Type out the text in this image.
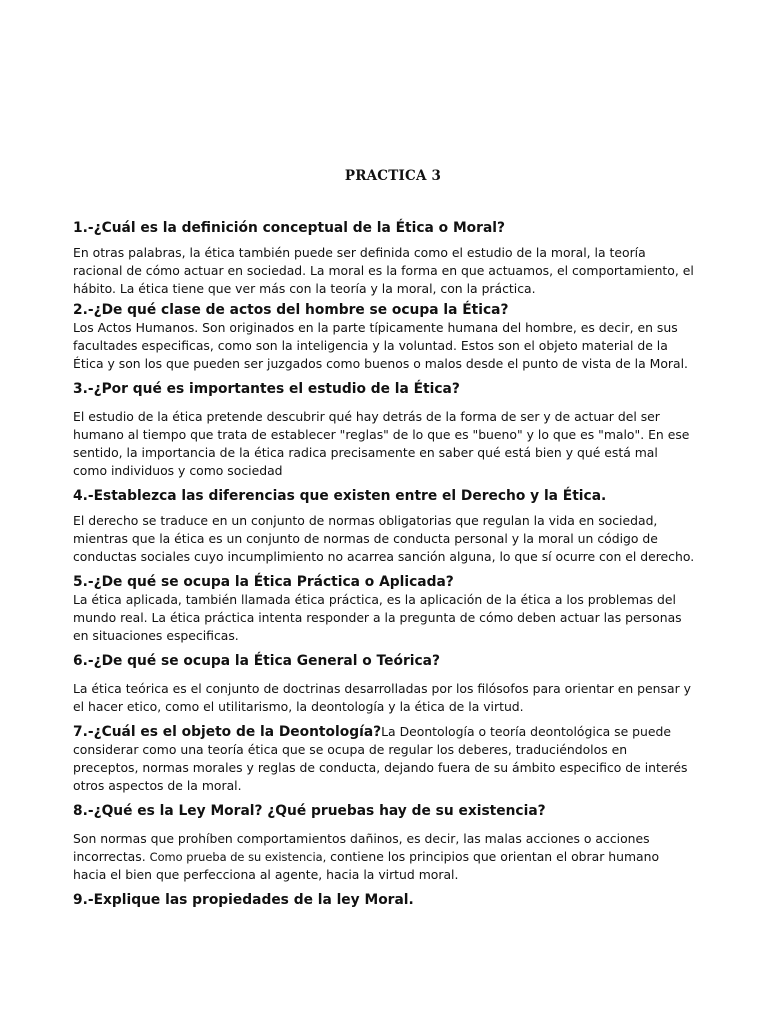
PRACTICA 3

1.-¿Cuál es la definición conceptual de la Ética o Moral?

En otras palabras, la ética también puede ser definida como el estudio de la moral, la teoría racional de cómo actuar en sociedad. La moral es la forma en que actuamos, el comportamiento, el hábito. La ética tiene que ver más con la teoría y la moral, con la práctica.

2.-¿De qué clase de actos del hombre se ocupa la Ética?

Los Actos Humanos. Son originados en la parte típicamente humana del hombre, es decir, en sus facultades especificas, como son la inteligencia y la voluntad. Estos son el objeto material de la Ética y son los que pueden ser juzgados como buenos o malos desde el punto de vista de la Moral.

3.-¿Por qué es importantes el estudio de la Ética?

El estudio de la ética pretende descubrir qué hay detrás de la forma de ser y de actuar del ser humano al tiempo que trata de establecer "reglas" de lo que es "bueno" y lo que es "malo". En ese sentido, la importancia de la ética radica precisamente en saber qué está bien y qué está mal como individuos y como sociedad

4.-Establezca las diferencias que existen entre el Derecho y la Ética.

El derecho se traduce en un conjunto de normas obligatorias que regulan la vida en sociedad, mientras que la ética es un conjunto de normas de conducta personal y la moral un código de conductas sociales cuyo incumplimiento no acarrea sanción alguna, lo que sí ocurre con el derecho.

5.-¿De qué se ocupa la Ética Práctica o Aplicada?

La ética aplicada, también llamada ética práctica, es la aplicación de la ética a los problemas del mundo real. La ética práctica intenta responder a la pregunta de cómo deben actuar las personas en situaciones especificas.

6.-¿De qué se ocupa la Ética General o Teórica?

La ética teórica es el conjunto de doctrinas desarrolladas por los filósofos para orientar en pensar y el hacer etico, como el utilitarismo, la deontología y la ética de la virtud.

7.-¿Cuál es el objeto de la Deontología?La Deontología o teoría deontológica se puede considerar como una teoría ética que se ocupa de regular los deberes, traduciéndolos en preceptos, normas morales y reglas de conducta, dejando fuera de su ámbito especifico de interés otros aspectos de la moral.

8.-¿Qué es la Ley Moral? ¿Qué pruebas hay de su existencia?

Son normas que prohíben comportamientos dañinos, es decir, las malas acciones o acciones incorrectas. Como prueba de su existencia, contiene los principios que orientan el obrar humano hacia el bien que perfecciona al agente, hacia la virtud moral.

9.-Explique las propiedades de la ley Moral.
